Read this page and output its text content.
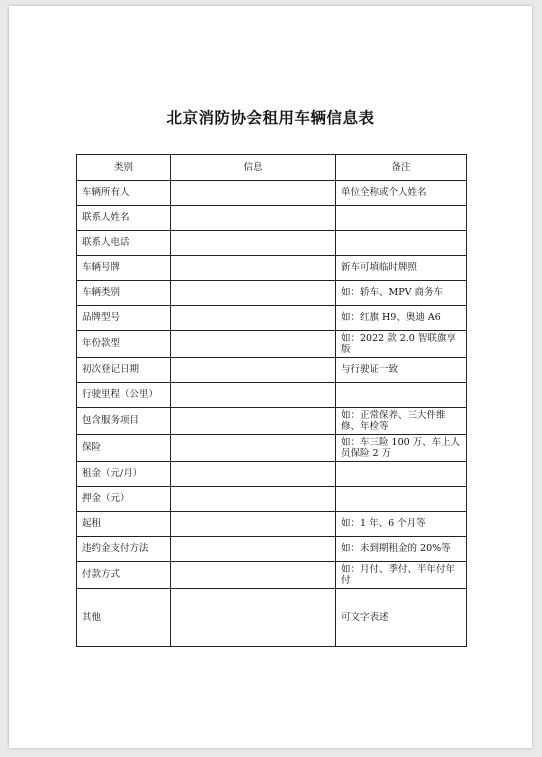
北京消防协会租用车辆信息表
类别	信息	备注
车辆所有人		单位全称或个人姓名
联系人姓名		
联系人电话		
车辆号牌		新车可填临时牌照
车辆类别		如：轿车、MPV 商务车
品牌型号		如：红旗 H9、奥迪 A6
年份款型		如：2022 款 2.0 智联旗享版
初次登记日期		与行驶证一致
行驶里程（公里）		
包含服务项目		如：正常保养、三大件维修、年检等
保险		如：车三险 100 万、车上人员保险 2 万
租金（元/月）		
押金（元）		
起租		如：1 年、6 个月等
违约金支付方法		如：未到期租金的 20%等
付款方式		如：月付、季付、半年付年付
其他		可文字表述
